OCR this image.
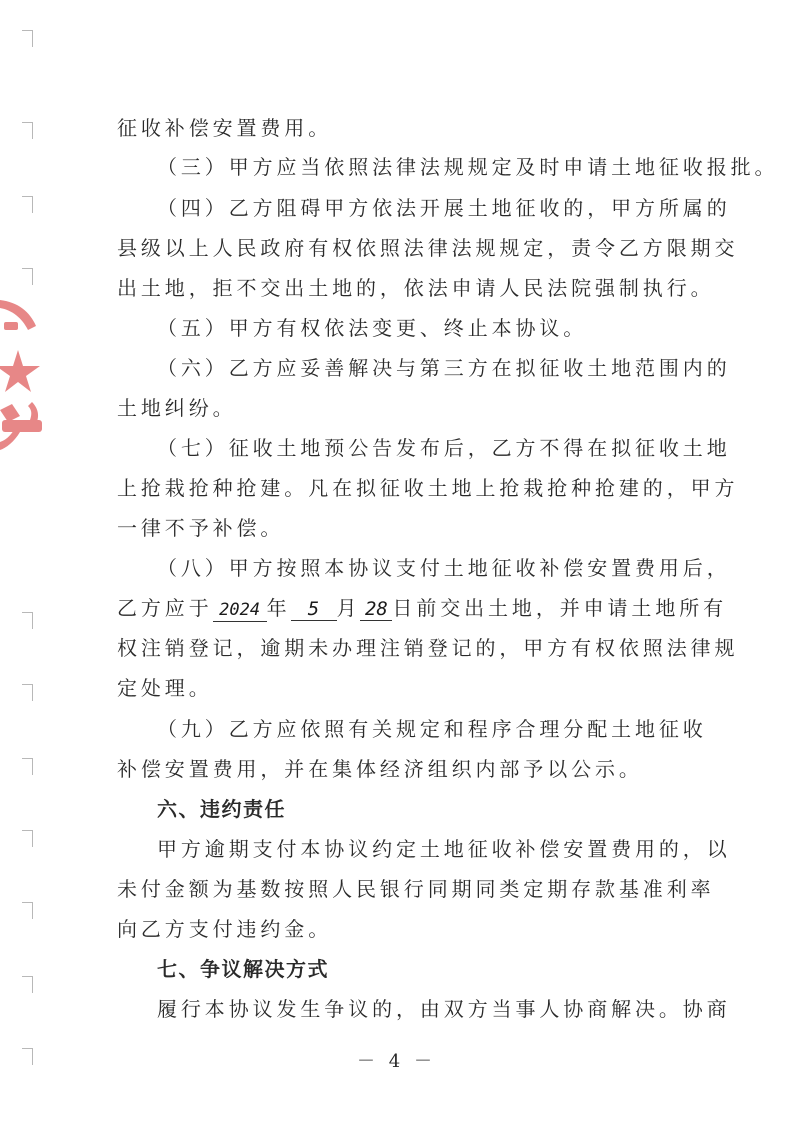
征收补偿安置费用。
（三）甲方应当依照法律法规规定及时申请土地征收报批。
（四）乙方阻碍甲方依法开展土地征收的，甲方所属的
县级以上人民政府有权依照法律法规规定，责令乙方限期交
出土地，拒不交出土地的，依法申请人民法院强制执行。
（五）甲方有权依法变更、终止本协议。
（六）乙方应妥善解决与第三方在拟征收土地范围内的
土地纠纷。
（七）征收土地预公告发布后，乙方不得在拟征收土地
上抢栽抢种抢建。凡在拟征收土地上抢栽抢种抢建的，甲方
一律不予补偿。
（八）甲方按照本协议支付土地征收补偿安置费用后，
乙方应于 2024 年 5 月 28 日前交出土地，并申请土地所有
权注销登记，逾期未办理注销登记的，甲方有权依照法律规
定处理。
（九）乙方应依照有关规定和程序合理分配土地征收
补偿安置费用，并在集体经济组织内部予以公示。
六、违约责任
甲方逾期支付本协议约定土地征收补偿安置费用的，以
未付金额为基数按照人民银行同期同类定期存款基准利率
向乙方支付违约金。
七、争议解决方式
履行本协议发生争议的，由双方当事人协商解决。协商
－ 4 －
